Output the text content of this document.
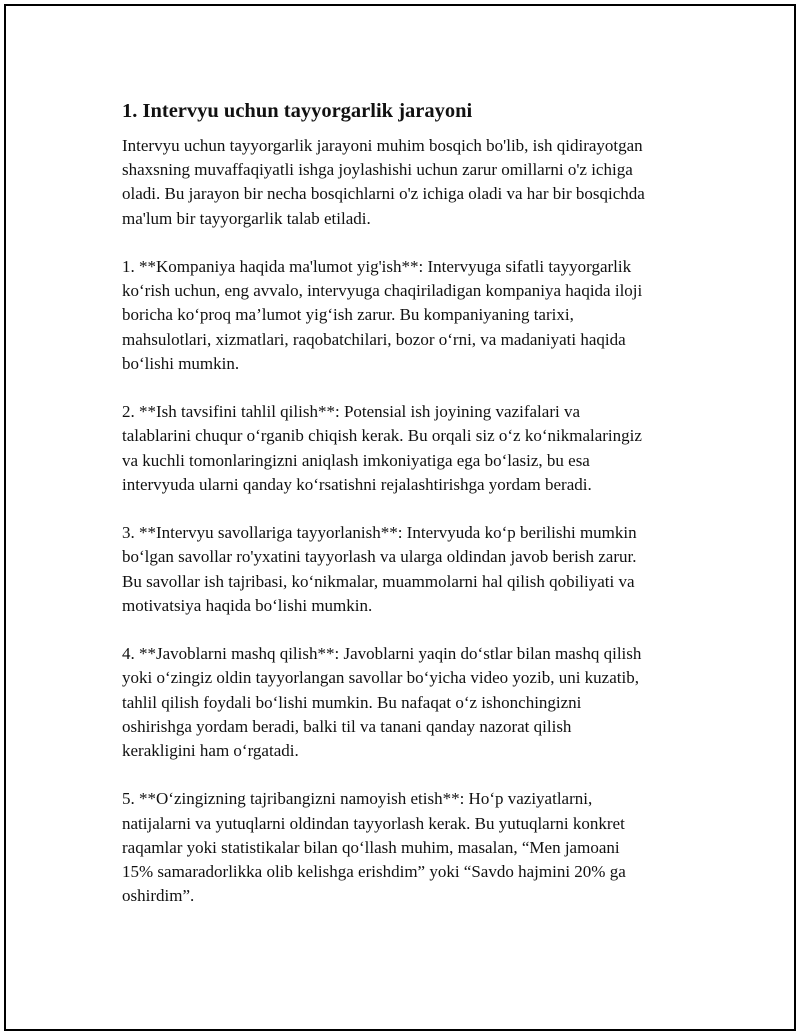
1. Intervyu uchun tayyorgarlik jarayoni
Intervyu uchun tayyorgarlik jarayoni muhim bosqich bo'lib, ish qidirayotgan
shaxsning muvaffaqiyatli ishga joylashishi uchun zarur omillarni o'z ichiga
oladi. Bu jarayon bir necha bosqichlarni o'z ichiga oladi va har bir bosqichda
ma'lum bir tayyorgarlik talab etiladi.
1. **Kompaniya haqida ma'lumot yig'ish**: Intervyuga sifatli tayyorgarlik
ko‘rish uchun, eng avvalo, intervyuga chaqiriladigan kompaniya haqida iloji
boricha ko‘proq ma’lumot yig‘ish zarur. Bu kompaniyaning tarixi,
mahsulotlari, xizmatlari, raqobatchilari, bozor o‘rni, va madaniyati haqida
bo‘lishi mumkin.
2. **Ish tavsifini tahlil qilish**: Potensial ish joyining vazifalari va
talablarini chuqur o‘rganib chiqish kerak. Bu orqali siz o‘z ko‘nikmalaringiz
va kuchli tomonlaringizni aniqlash imkoniyatiga ega bo‘lasiz, bu esa
intervyuda ularni qanday ko‘rsatishni rejalashtirishga yordam beradi.
3. **Intervyu savollariga tayyorlanish**: Intervyuda ko‘p berilishi mumkin
bo‘lgan savollar ro'yxatini tayyorlash va ularga oldindan javob berish zarur.
Bu savollar ish tajribasi, ko‘nikmalar, muammolarni hal qilish qobiliyati va
motivatsiya haqida bo‘lishi mumkin.
4. **Javoblarni mashq qilish**: Javoblarni yaqin do‘stlar bilan mashq qilish
yoki o‘zingiz oldin tayyorlangan savollar bo‘yicha video yozib, uni kuzatib,
tahlil qilish foydali bo‘lishi mumkin. Bu nafaqat o‘z ishonchingizni
oshirishga yordam beradi, balki til va tanani qanday nazorat qilish
kerakligini ham o‘rgatadi.
5. **O‘zingizning tajribangizni namoyish etish**: Ho‘p vaziyatlarni,
natijalarni va yutuqlarni oldindan tayyorlash kerak. Bu yutuqlarni konkret
raqamlar yoki statistikalar bilan qo‘llash muhim, masalan, “Men jamoani
15% samaradorlikka olib kelishga erishdim” yoki “Savdo hajmini 20% ga
oshirdim”.
